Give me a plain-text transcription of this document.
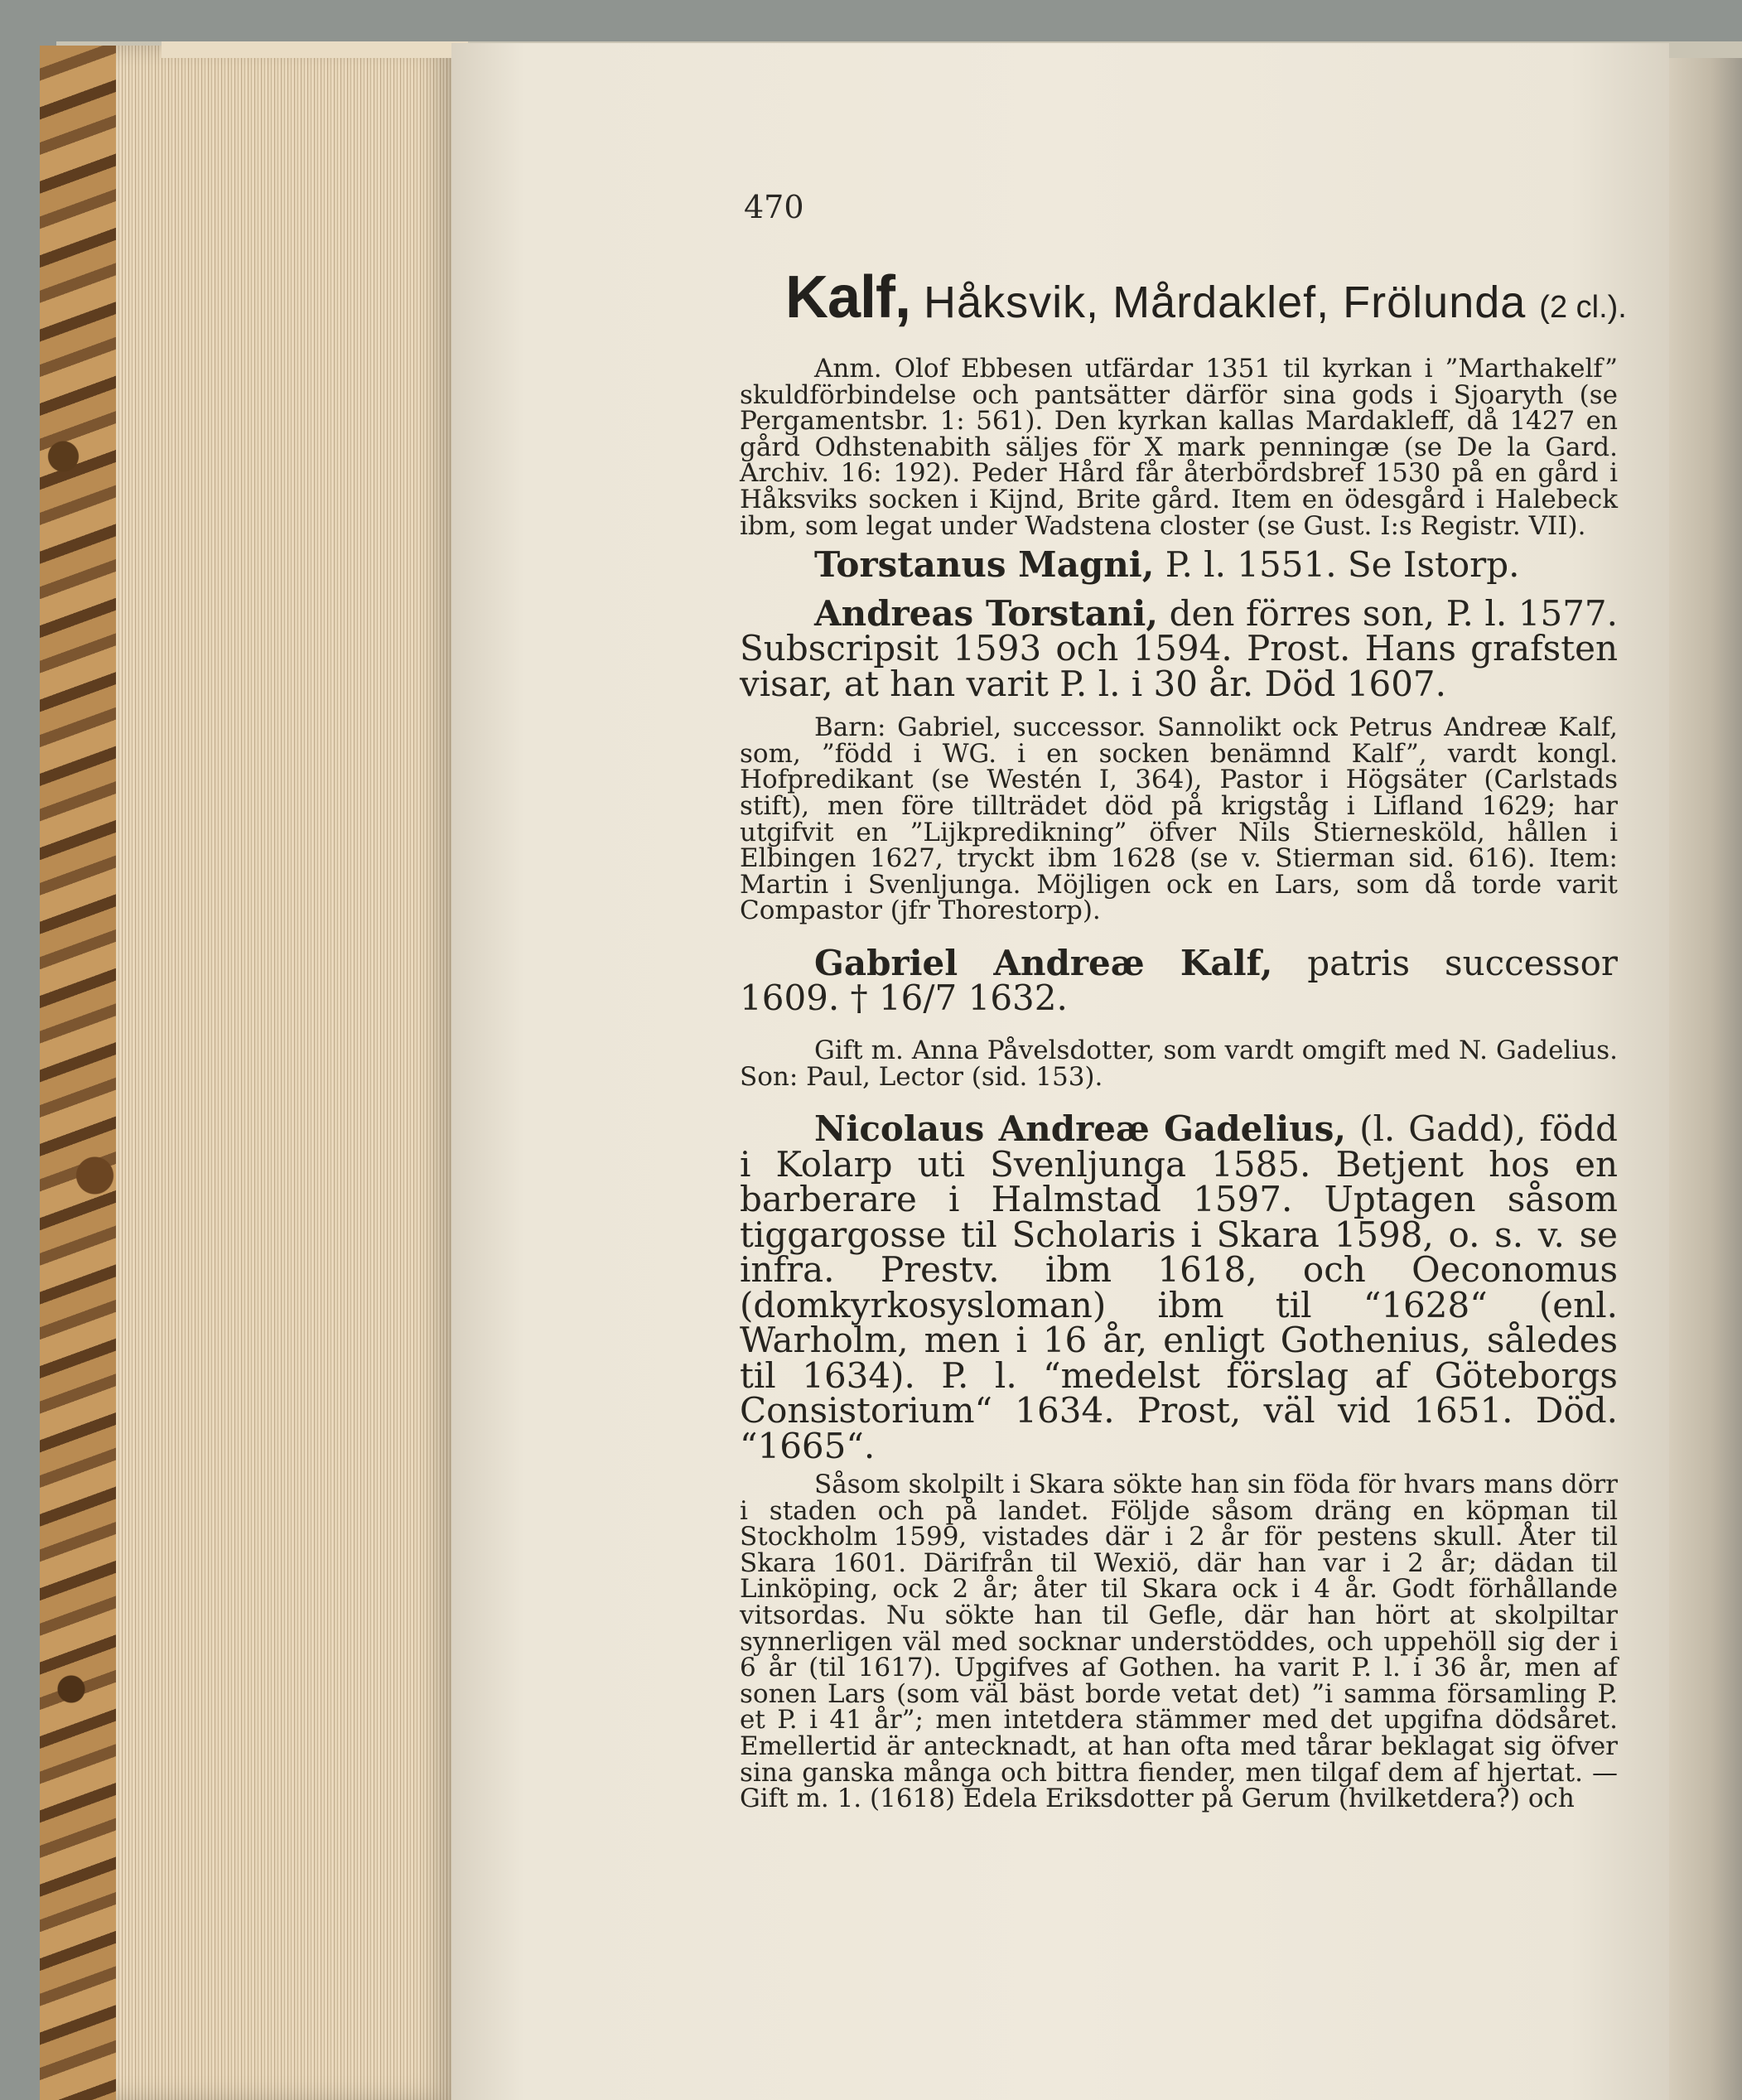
470
Kalf, Håksvik, Mårdaklef, Frölunda (2 cl.).

Anm. Olof Ebbesen utfärdar 1351 til kyrkan i ”Marthakelf” skuldförbindelse och pantsätter därför sina gods i Sjoaryth (se Pergamentsbr. 1: 561). Den kyrkan kallas Mardakleff, då 1427 en gård Odhstenabith säljes för X mark penningæ (se De la Gard. Archiv. 16: 192). Peder Hård får återbördsbref 1530 på en gård i Håksviks socken i Kijnd, Brite gård. Item en ödesgård i Halebeck ibm, som legat under Wadstena closter (se Gust. I:s Registr. VII).

Torstanus Magni, P. l. 1551. Se Istorp.

Andreas Torstani, den förres son, P. l. 1577. Subscripsit 1593 och 1594. Prost. Hans grafsten visar, at han varit P. l. i 30 år. Död 1607.

Barn: Gabriel, successor. Sannolikt ock Petrus Andreæ Kalf, som, ”född i WG. i en socken benämnd Kalf”, vardt kongl. Hofpredikant (se Westén I, 364), Pastor i Högsäter (Carlstads stift), men före tillträdet död på krigståg i Lifland 1629; har utgifvit en ”Lijkpredikning” öfver Nils Stiernesköld, hållen i Elbingen 1627, tryckt ibm 1628 (se v. Stierman sid. 616). Item: Martin i Svenljunga. Möjligen ock en Lars, som då torde varit Compastor (jfr Thorestorp).

Gabriel Andreæ Kalf, patris successor 1609. † 16/7 1632.

Gift m. Anna Påvelsdotter, som vardt omgift med N. Gadelius. Son: Paul, Lector (sid. 153).

Nicolaus Andreæ Gadelius, (l. Gadd), född i Kolarp uti Svenljunga 1585. Betjent hos en barberare i Halmstad 1597. Uptagen såsom tiggargosse til Scholaris i Skara 1598, o. s. v. se infra. Prestv. ibm 1618, och Oeconomus (domkyrkosysloman) ibm til “1628“ (enl. Warholm, men i 16 år, enligt Gothenius, således til 1634). P. l. “medelst förslag af Göteborgs Consistorium“ 1634. Prost, väl vid 1651. Död. “1665“.

Såsom skolpilt i Skara sökte han sin föda för hvars mans dörr i staden och på landet. Följde såsom dräng en köpman til Stockholm 1599, vistades där i 2 år för pestens skull. Åter til Skara 1601. Därifrån til Wexiö, där han var i 2 år; dädan til Linköping, ock 2 år; åter til Skara ock i 4 år. Godt förhållande vitsordas. Nu sökte han til Gefle, där han hört at skolpiltar synnerligen väl med socknar understöddes, och uppehöll sig der i 6 år (til 1617). Upgifves af Gothen. ha varit P. l. i 36 år, men af sonen Lars (som väl bäst borde vetat det) ”i samma församling P. et P. i 41 år”; men intetdera stämmer med det upgifna dödsåret. Emellertid är antecknadt, at han ofta med tårar beklagat sig öfver sina ganska många och bittra fiender, men tilgaf dem af hjertat. — Gift m. 1. (1618) Edela Eriksdotter på Gerum (hvilketdera?) och
